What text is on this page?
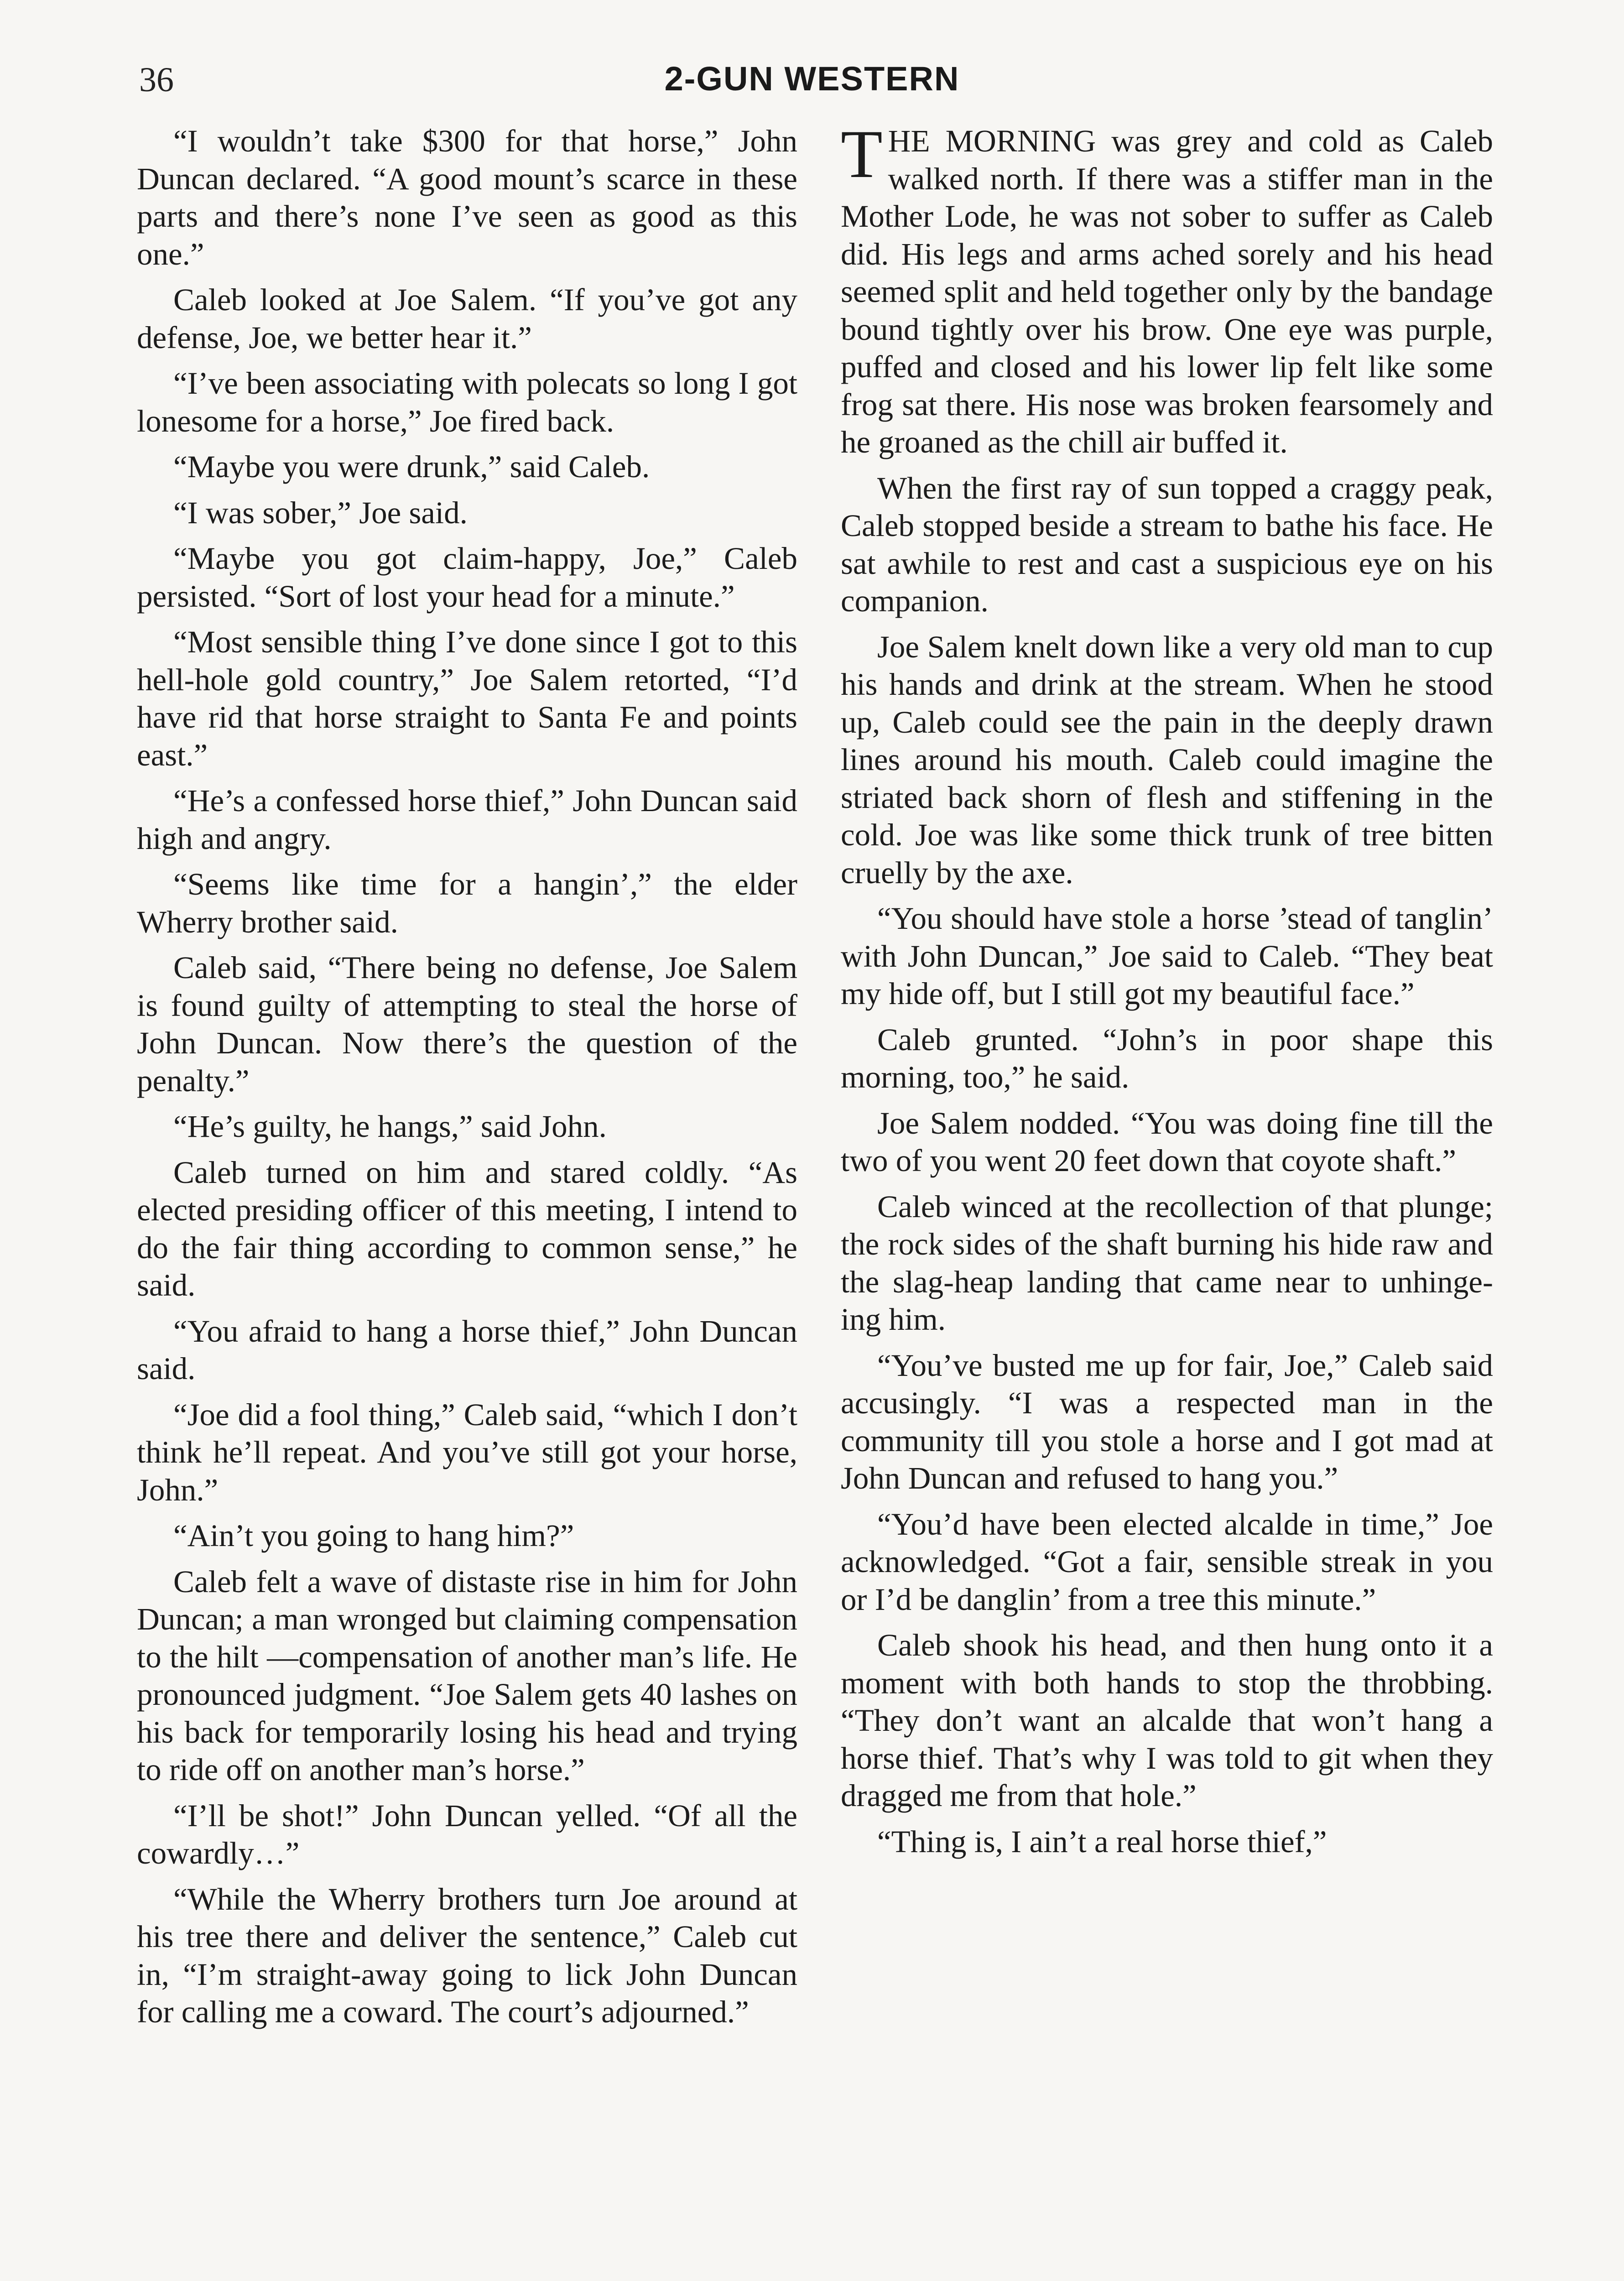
36	2-GUN WESTERN

“I wouldn’t take $300 for that horse,” John Duncan declared. “A good mount’s scarce in these parts and there’s none I’ve seen as good as this one.”

Caleb looked at Joe Salem. “If you’ve got any defense, Joe, we better hear it.”

“I’ve been associating with polecats so long I got lonesome for a horse,” Joe fired back.

“Maybe you were drunk,” said Caleb.

“I was sober,” Joe said.

“Maybe you got claim-happy, Joe,” Caleb persisted. “Sort of lost your head for a minute.”

“Most sensible thing I’ve done since I got to this hell-hole gold country,” Joe Salem retorted, “I’d have rid that horse straight to Santa Fe and points east.”

“He’s a confessed horse thief,” John Duncan said high and angry.

“Seems like time for a hangin’,” the elder Wherry brother said.

Caleb said, “There being no defense, Joe Salem is found guilty of attempting to steal the horse of John Duncan. Now there’s the question of the penalty.”

“He’s guilty, he hangs,” said John.

Caleb turned on him and stared coldly. “As elected presiding officer of this meeting, I intend to do the fair thing according to common sense,” he said.

“You afraid to hang a horse thief,” John Duncan said.

“Joe did a fool thing,” Caleb said, “which I don’t think he’ll repeat. And you’ve still got your horse, John.”

“Ain’t you going to hang him?”

Caleb felt a wave of distaste rise in him for John Duncan; a man wronged but claiming compensation to the hilt —compensation of another man’s life. He pronounced judgment. “Joe Salem gets 40 lashes on his back for temporarily losing his head and trying to ride off on another man’s horse.”

“I’ll be shot!” John Duncan yelled. “Of all the cowardly…”

“While the Wherry brothers turn Joe around at his tree there and deliver the sentence,” Caleb cut in, “I’m straight-away going to lick John Duncan for calling me a coward. The court’s adjourned.”

THE MORNING was grey and cold as Caleb walked north. If there was a stiffer man in the Mother Lode, he was not sober to suffer as Caleb did. His legs and arms ached sorely and his head seemed split and held together only by the bandage bound tightly over his brow. One eye was purple, puffed and closed and his lower lip felt like some frog sat there. His nose was broken fearsomely and he groaned as the chill air buffed it.

When the first ray of sun topped a craggy peak, Caleb stopped beside a stream to bathe his face. He sat awhile to rest and cast a suspicious eye on his companion.

Joe Salem knelt down like a very old man to cup his hands and drink at the stream. When he stood up, Caleb could see the pain in the deeply drawn lines around his mouth. Caleb could imagine the striated back shorn of flesh and stiffening in the cold. Joe was like some thick trunk of tree bitten cruelly by the axe.

“You should have stole a horse ’stead of tanglin’ with John Duncan,” Joe said to Caleb. “They beat my hide off, but I still got my beautiful face.”

Caleb grunted. “John’s in poor shape this morning, too,” he said.

Joe Salem nodded. “You was doing fine till the two of you went 20 feet down that coyote shaft.”

Caleb winced at the recollection of that plunge; the rock sides of the shaft burning his hide raw and the slag-heap landing that came near to unhinge-ing him.

“You’ve busted me up for fair, Joe,” Caleb said accusingly. “I was a respected man in the community till you stole a horse and I got mad at John Duncan and refused to hang you.”

“You’d have been elected alcalde in time,” Joe acknowledged. “Got a fair, sensible streak in you or I’d be danglin’ from a tree this minute.”

Caleb shook his head, and then hung onto it a moment with both hands to stop the throbbing. “They don’t want an alcalde that won’t hang a horse thief. That’s why I was told to git when they dragged me from that hole.”

“Thing is, I ain’t a real horse thief,”
